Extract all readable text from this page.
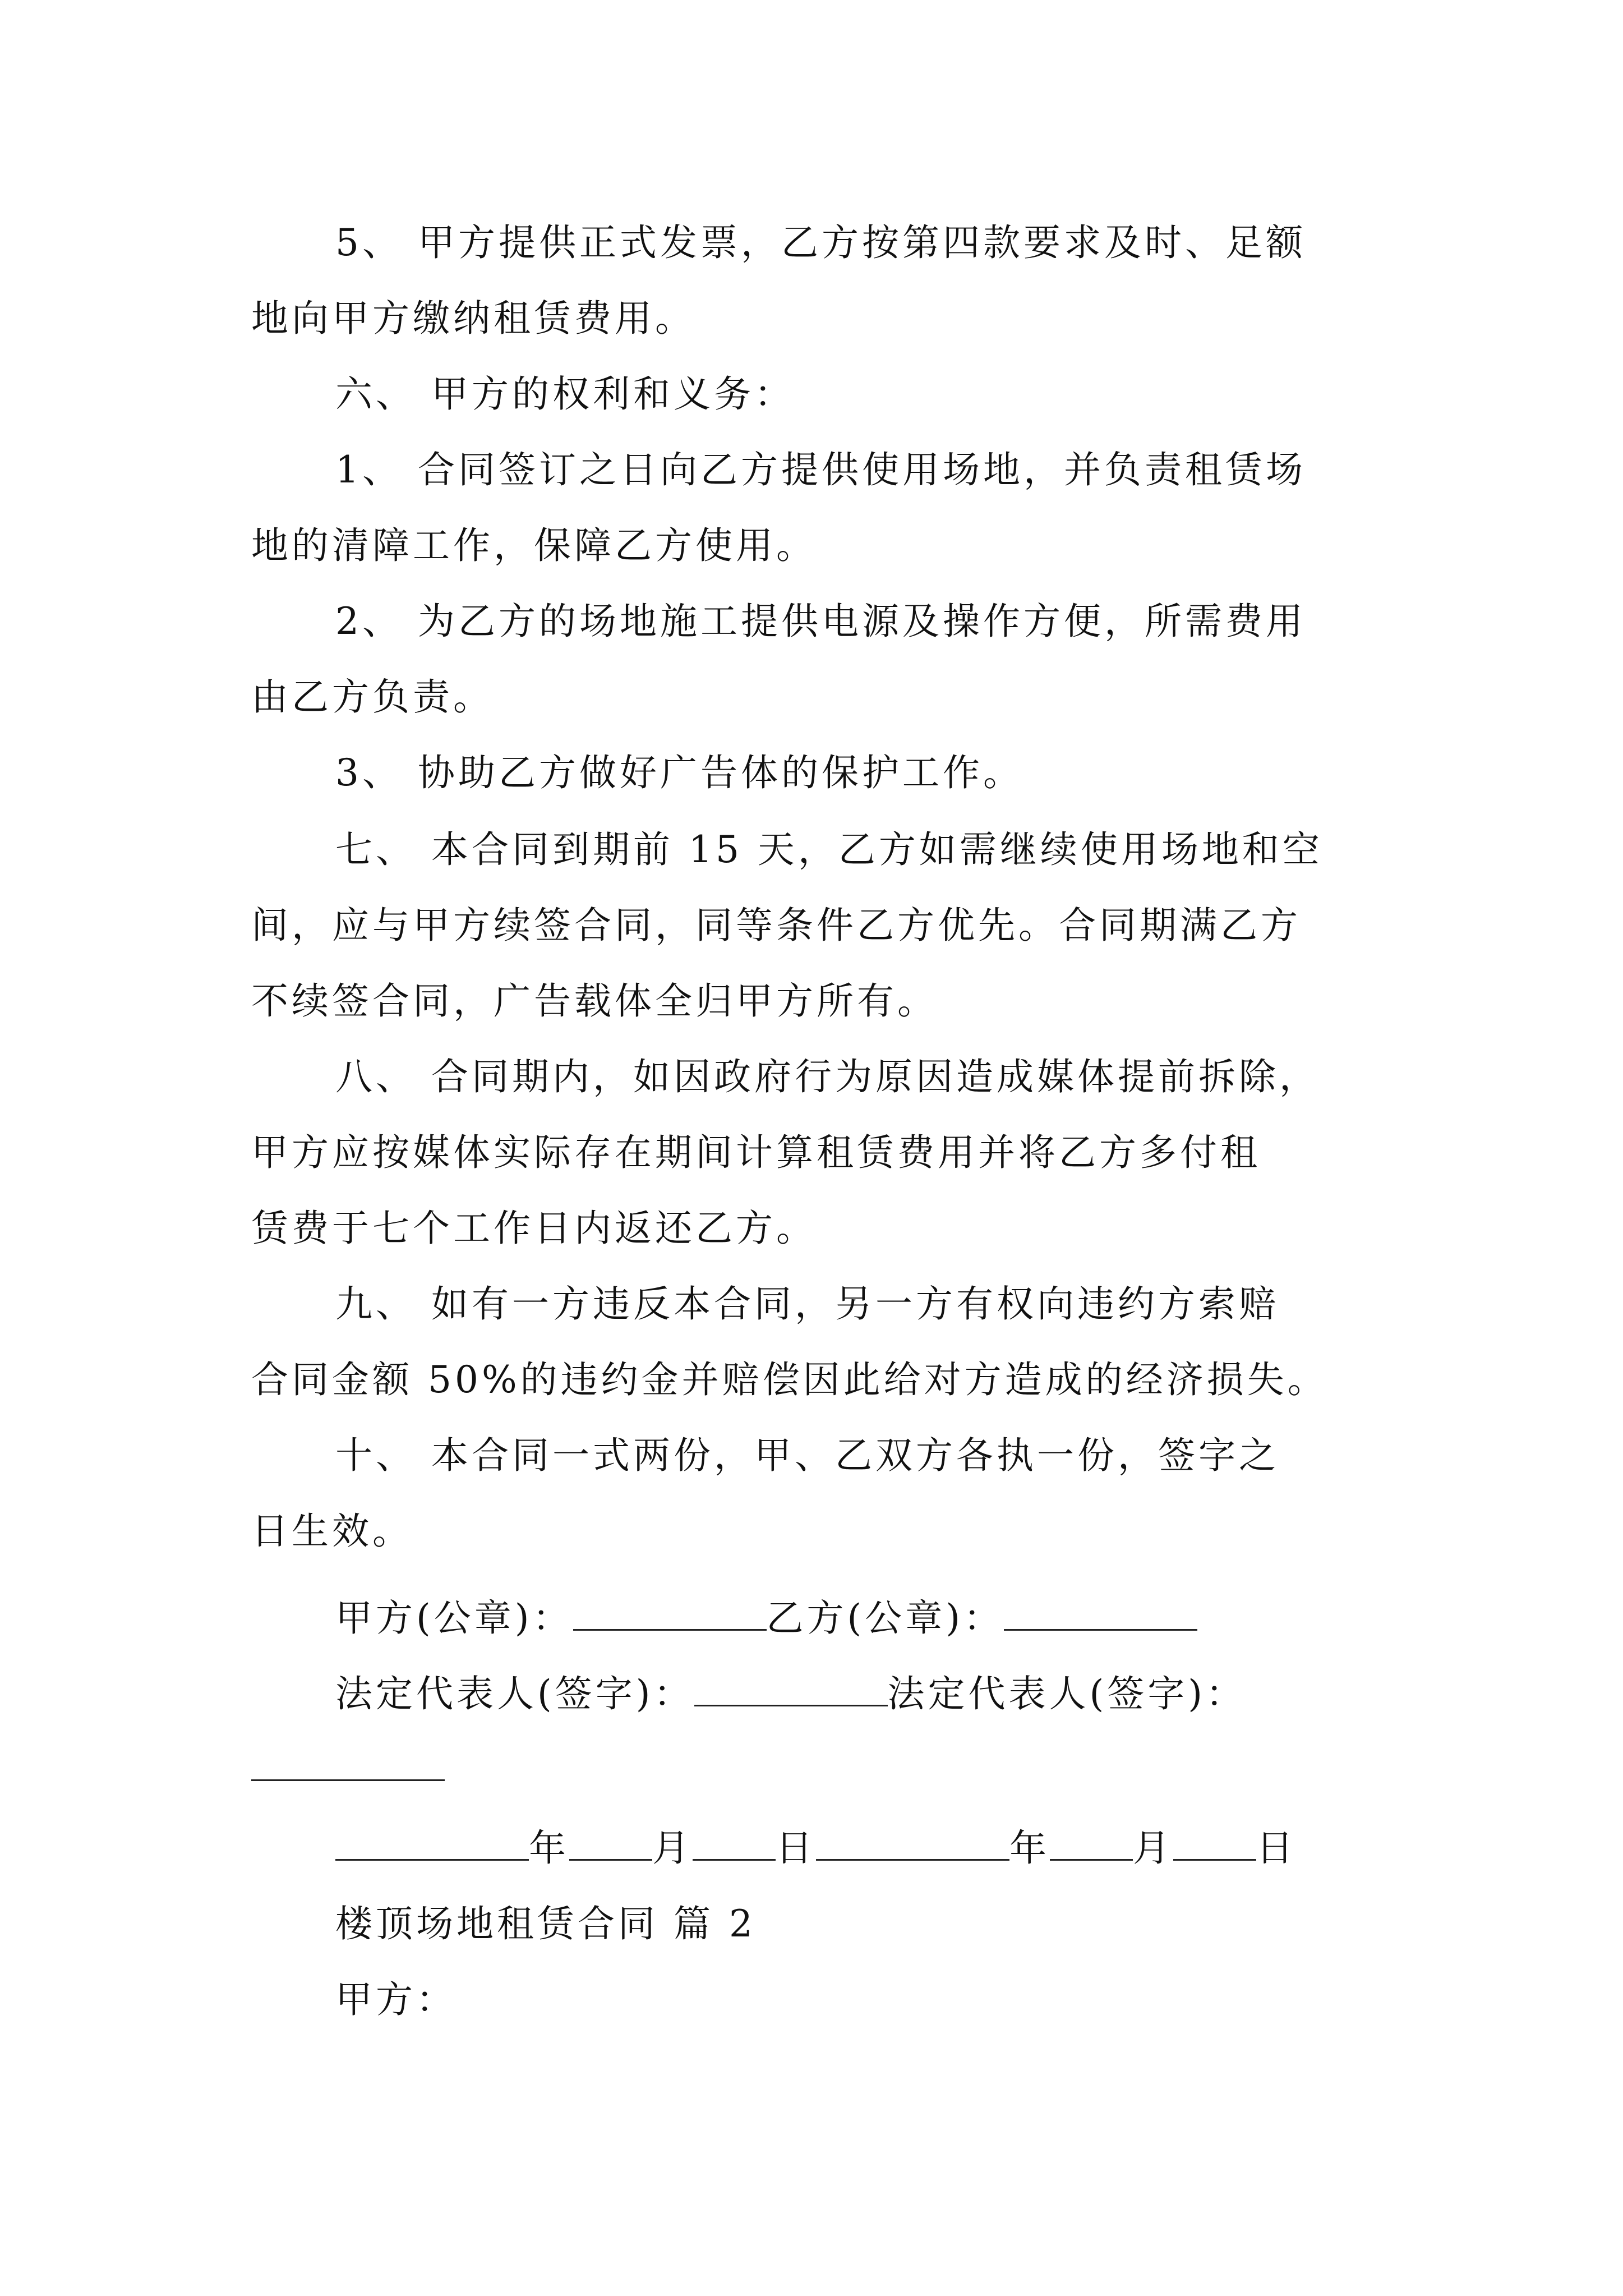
5、 甲方提供正式发票，乙方按第四款要求及时、足额
地向甲方缴纳租赁费用。
六、 甲方的权利和义务：
1、 合同签订之日向乙方提供使用场地，并负责租赁场
地的清障工作，保障乙方使用。
2、 为乙方的场地施工提供电源及操作方便，所需费用
由乙方负责。
3、 协助乙方做好广告体的保护工作。
七、 本合同到期前 15 天，乙方如需继续使用场地和空
间，应与甲方续签合同，同等条件乙方优先。合同期满乙方
不续签合同，广告载体全归甲方所有。
八、 合同期内，如因政府行为原因造成媒体提前拆除，
甲方应按媒体实际存在期间计算租赁费用并将乙方多付租
赁费于七个工作日内返还乙方。
九、 如有一方违反本合同，另一方有权向违约方索赔
合同金额 50%的违约金并赔偿因此给对方造成的经济损失。
十、 本合同一式两份，甲、乙双方各执一份，签字之
日生效。
甲方(公章)：	乙方(公章)：
法定代表人(签字)：	法定代表人(签字)：
年 月 日	年 月 日
楼顶场地租赁合同 篇 2
甲方：
